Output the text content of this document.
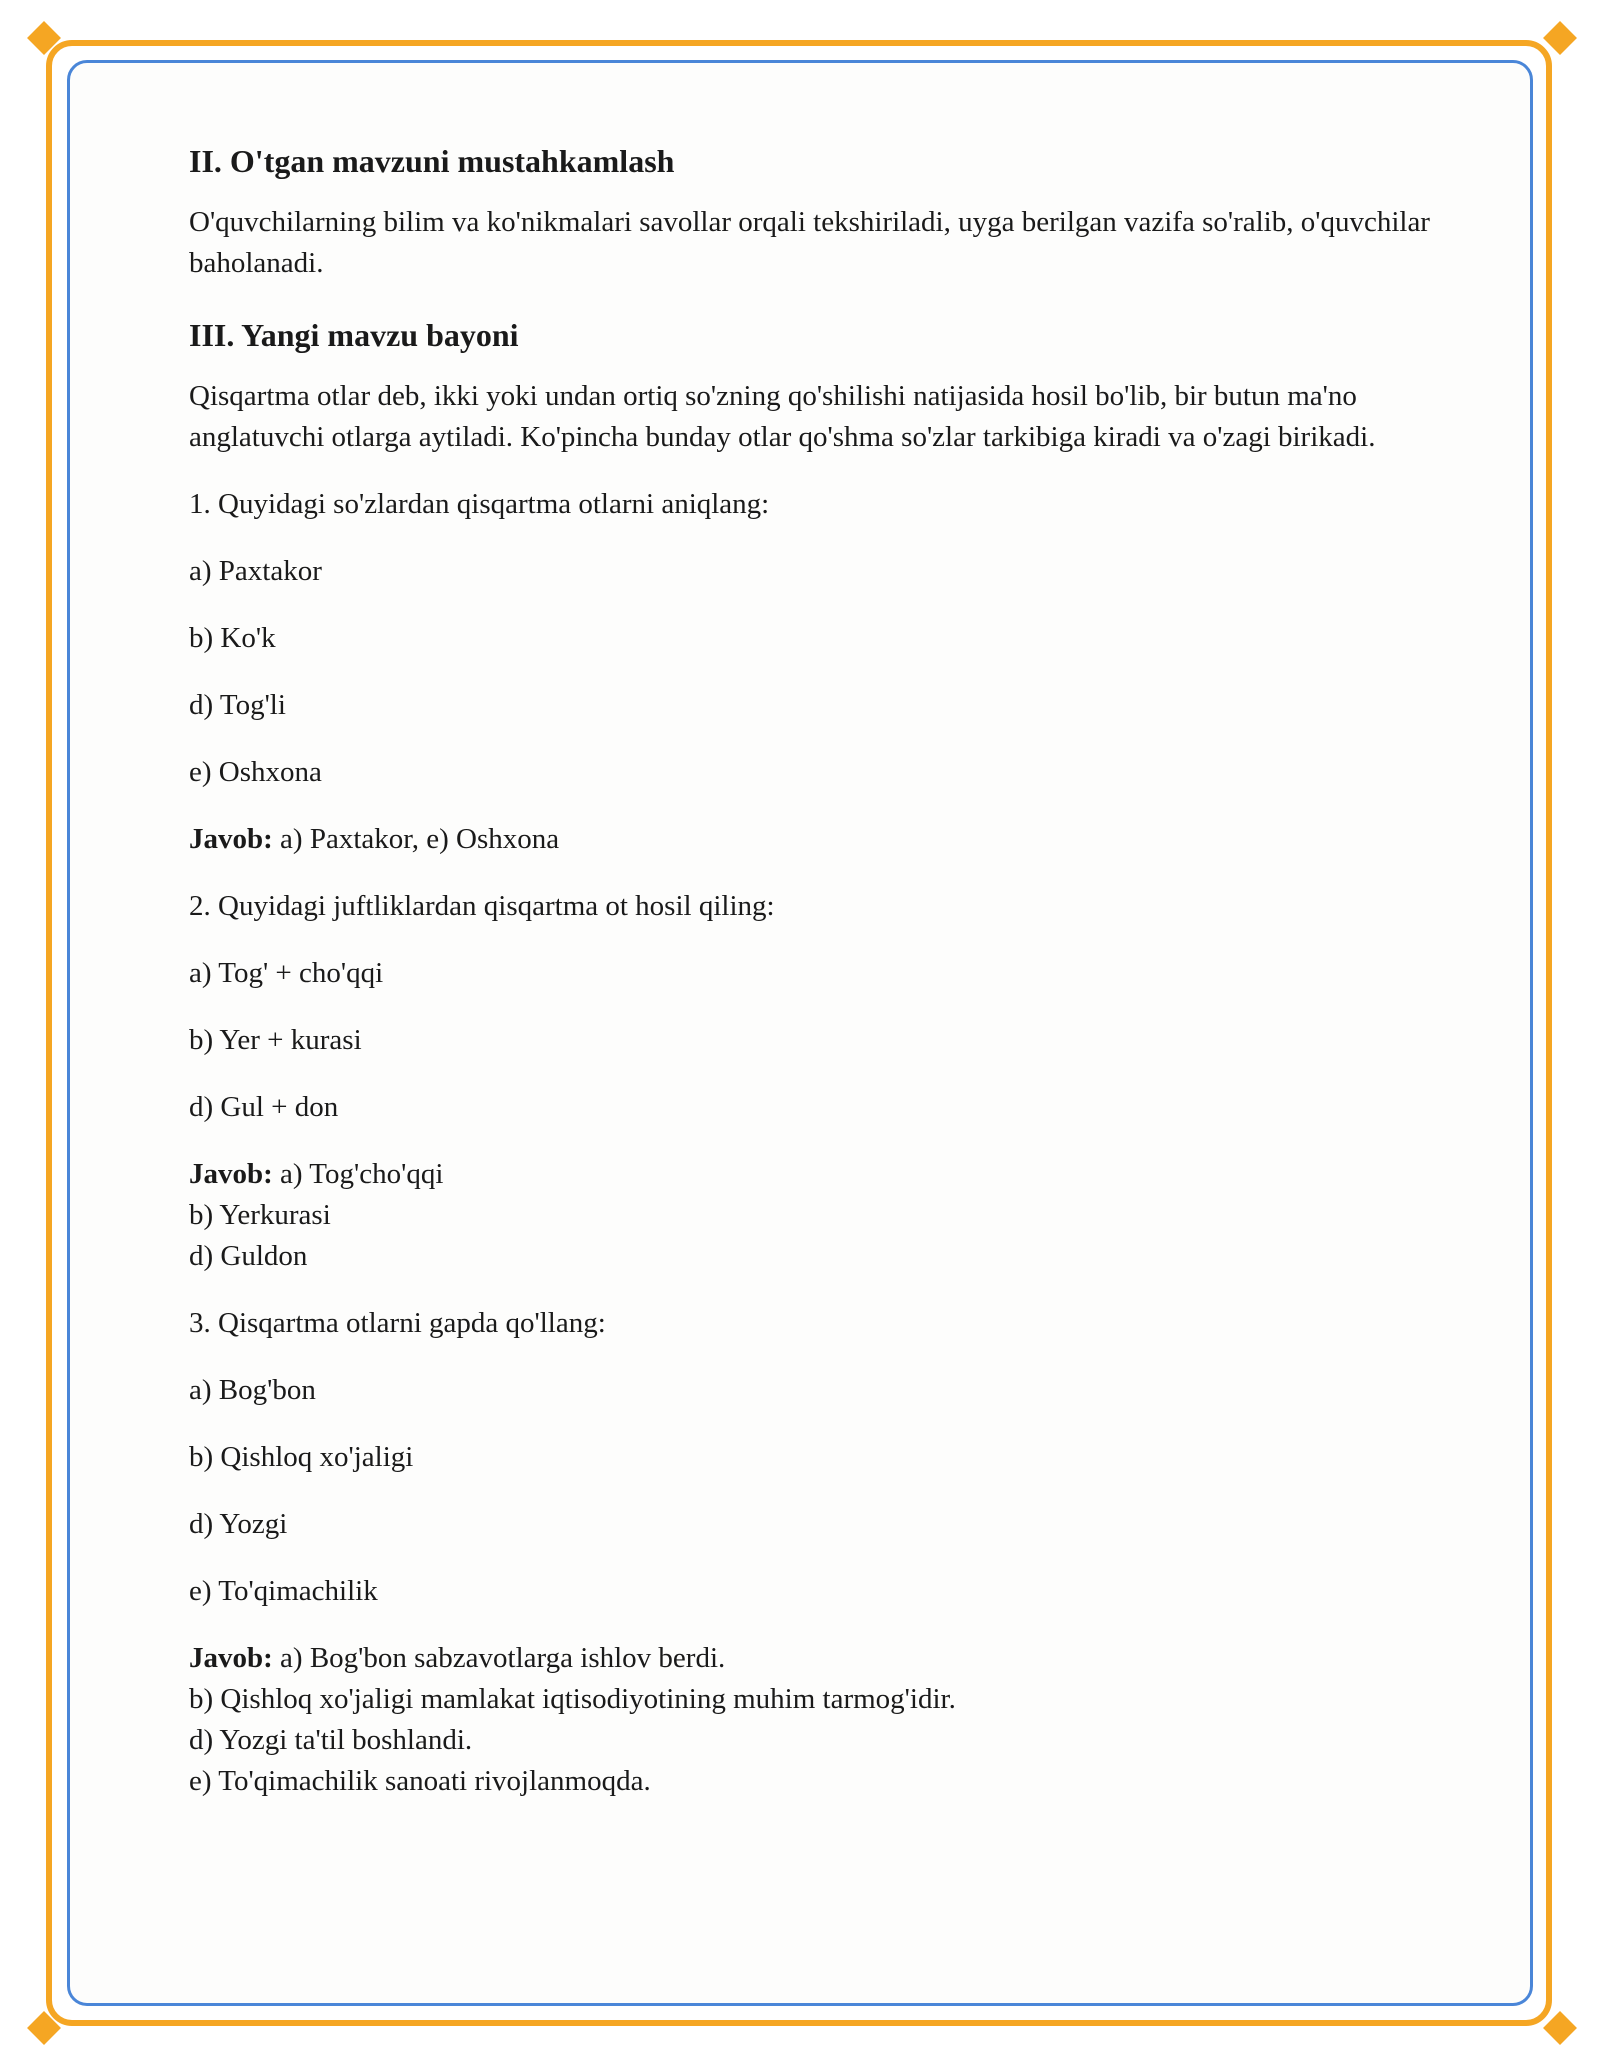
II. O'tgan mavzuni mustahkamlash
O'quvchilarning bilim va ko'nikmalari savollar orqali tekshiriladi, uyga berilgan vazifa so'ralib, o'quvchilar baholanadi.
III. Yangi mavzu bayoni
Qisqartma otlar deb, ikki yoki undan ortiq so'zning qo'shilishi natijasida hosil bo'lib, bir butun ma'no anglatuvchi otlarga aytiladi. Ko'pincha bunday otlar qo'shma so'zlar tarkibiga kiradi va o'zagi birikadi.
1. Quyidagi so'zlardan qisqartma otlarni aniqlang:
a) Paxtakor
b) Ko'k
d) Tog'li
e) Oshxona
Javob: a) Paxtakor, e) Oshxona
2. Quyidagi juftliklardan qisqartma ot hosil qiling:
a) Tog' + cho'qqi
b) Yer + kurasi
d) Gul + don
Javob: a) Tog'cho'qqi
b) Yerkurasi
d) Guldon
3. Qisqartma otlarni gapda qo'llang:
a) Bog'bon
b) Qishloq xo'jaligi
d) Yozgi
e) To'qimachilik
Javob: a) Bog'bon sabzavotlarga ishlov berdi.
b) Qishloq xo'jaligi mamlakat iqtisodiyotining muhim tarmog'idir.
d) Yozgi ta'til boshlandi.
e) To'qimachilik sanoati rivojlanmoqda.
